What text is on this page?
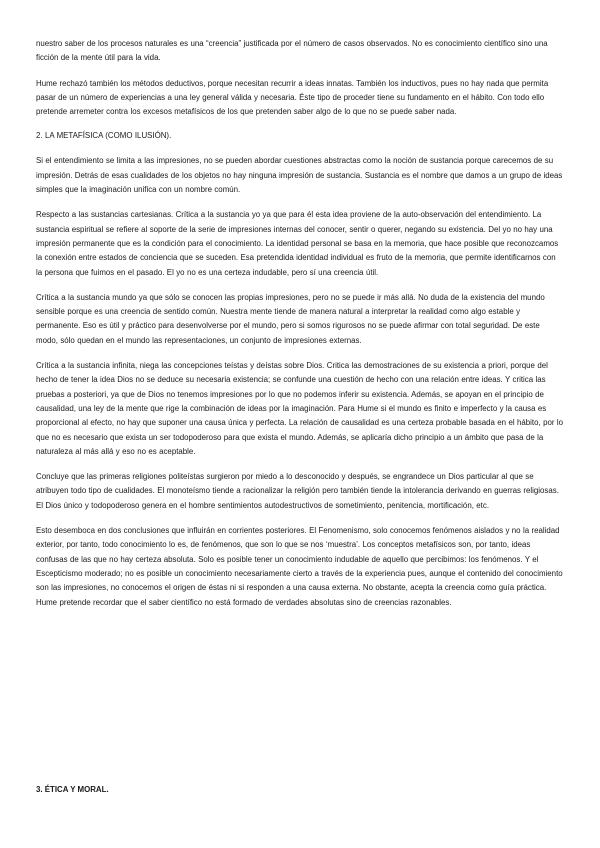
nuestro saber de los procesos naturales es una “creencia” justificada por el número de casos observados. No es conocimiento científico sino una ficción de la mente útil para la vida.

Hume rechazó también los métodos deductivos, porque necesitan recurrir a ideas innatas. También los inductivos, pues no hay nada que permita pasar de un número de experiencias a una ley general válida y necesaria. Éste tipo de proceder tiene su fundamento en el hábito. Con todo ello pretende arremeter contra los excesos metafísicos de los que pretenden saber algo de lo que no se puede saber nada.

2. LA METAFÍSICA (COMO ILUSIÓN).

Si el entendimiento se limita a las impresiones, no se pueden abordar cuestiones abstractas como la noción de sustancia porque carecemos de su impresión. Detrás de esas cualidades de los objetos no hay ninguna impresión de sustancia. Sustancia es el nombre que damos a un grupo de ideas simples que la imaginación unifica con un nombre común.

Respecto a las sustancias cartesianas. Crítica a la sustancia yo ya que para él esta idea proviene de la auto-observación del entendimiento. La sustancia espiritual se refiere al soporte de la serie de impresiones internas del conocer, sentir o querer, negando su existencia. Del yo no hay una impresión permanente que es la condición para el conocimiento. La identidad personal se basa en la memoria, que hace posible que reconozcamos la conexión entre estados de conciencia que se suceden. Esa pretendida identidad individual es fruto de la memoria, que permite identificarnos con la persona que fuimos en el pasado. El yo no es una certeza indudable, pero sí una creencia útil.

Crítica a la sustancia mundo ya que sólo se conocen las propias impresiones, pero no se puede ir más allá. No duda de la existencia del mundo sensible porque es una creencia de sentido común. Nuestra mente tiende de manera natural a interpretar la realidad como algo estable y permanente. Eso es útil y práctico para desenvolverse por el mundo, pero si somos rigurosos no se puede afirmar con total seguridad. De este modo, sólo quedan en el mundo las representaciones, un conjunto de impresiones externas.

Crítica a la sustancia infinita, niega las concepciones teístas y deístas sobre Dios. Critica las demostraciones de su existencia a priori, porque del hecho de tener la idea Dios no se deduce su necesaria existencia; se confunde una cuestión de hecho con una relación entre ideas. Y critica las pruebas a posteriori, ya que de Dios no tenemos impresiones por lo que no podemos inferir su existencia. Además, se apoyan en el principio de causalidad, una ley de la mente que rige la combinación de ideas por la imaginación. Para Hume si el mundo es finito e imperfecto y la causa es proporcional al efecto, no hay que suponer una causa única y perfecta. La relación de causalidad es una certeza probable basada en el hábito, por lo que no es necesario que exista un ser todopoderoso para que exista el mundo. Además, se aplicaría dicho principio a un ámbito que pasa de la naturaleza al más allá y eso no es aceptable.

Concluye que las primeras religiones politeístas surgieron por miedo a lo desconocido y después, se engrandece un Dios particular al que se atribuyen todo tipo de cualidades. El monoteísmo tiende a racionalizar la religión pero también tiende la intolerancia derivando en guerras religiosas. El Dios único y todopoderoso genera en el hombre sentimientos autodestructivos de sometimiento, penitencia, mortificación, etc.

Esto desemboca en dos conclusiones que influirán en corrientes posteriores. El Fenomenismo, solo conocemos fenómenos aislados y no la realidad exterior, por tanto, todo conocimiento lo es, de fenómenos, que son lo que se nos ‘muestra’. Los conceptos metafísicos son, por tanto, ideas confusas de las que no hay certeza absoluta. Solo es posible tener un conocimiento indudable de aquello que percibimos: los fenómenos. Y el Escepticismo moderado; no es posible un conocimiento necesariamente cierto a través de la experiencia pues, aunque el contenido del conocimiento son las impresiones, no conocemos el origen de éstas ni si responden a una causa externa. No obstante, acepta la creencia como guía práctica. Hume pretende recordar que el saber científico no está formado de verdades absolutas sino de creencias razonables.

3. ÉTICA Y MORAL.
